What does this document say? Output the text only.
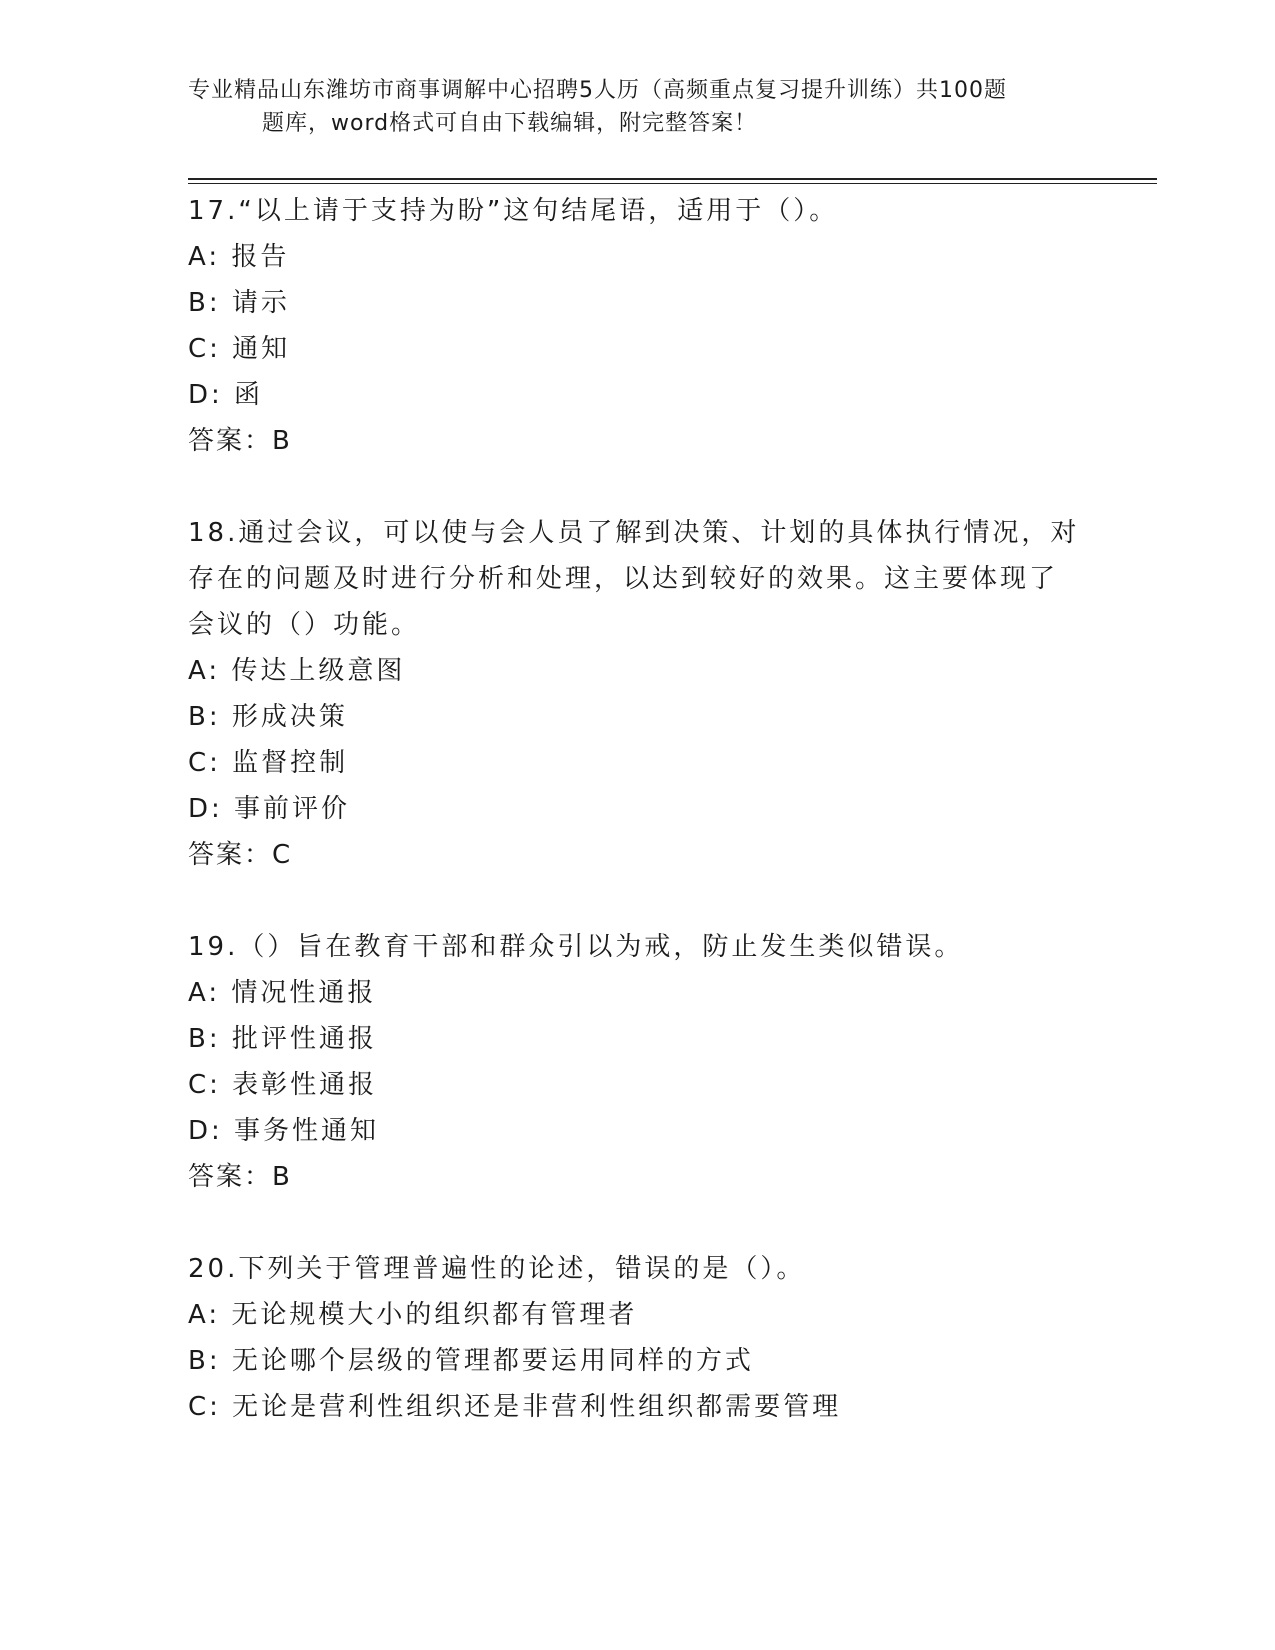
专业精品山东潍坊市商事调解中心招聘5人历（高频重点复习提升训练）共100题
题库，word格式可自由下载编辑，附完整答案！

17.“以上请于支持为盼”这句结尾语，适用于（）。

A: 报告

B: 请示

C: 通知

D: 函

答案：B

18.通过会议，可以使与会人员了解到决策、计划的具体执行情况，对

存在的问题及时进行分析和处理，以达到较好的效果。这主要体现了

会议的（）功能。

A: 传达上级意图

B: 形成决策

C: 监督控制

D: 事前评价

答案：C

19.（）旨在教育干部和群众引以为戒，防止发生类似错误。

A: 情况性通报

B: 批评性通报

C: 表彰性通报

D: 事务性通知

答案：B

20.下列关于管理普遍性的论述，错误的是（）。

A: 无论规模大小的组织都有管理者

B: 无论哪个层级的管理都要运用同样的方式

C: 无论是营利性组织还是非营利性组织都需要管理
